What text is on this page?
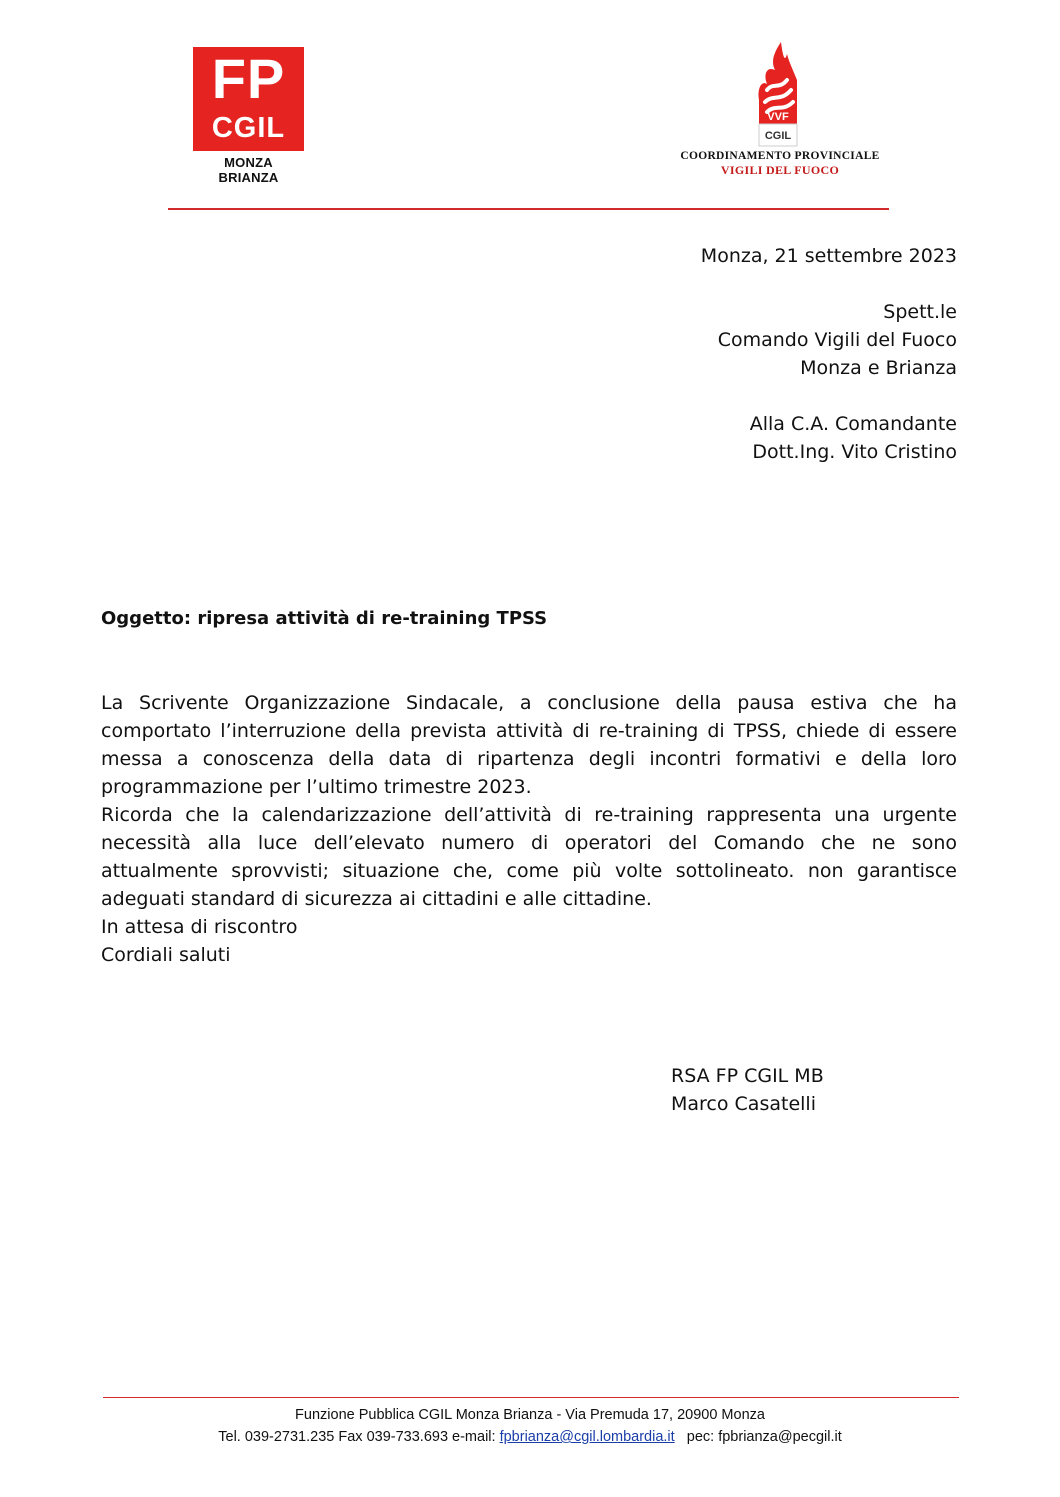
FP
CGIL
MONZA BRIANZA
VVF
CGIL
COORDINAMENTO PROVINCIALE
VIGILI DEL FUOCO
Monza, 21 settembre 2023
Spett.le
Comando Vigili del Fuoco
Monza e Brianza
Alla C.A. Comandante
Dott.Ing. Vito Cristino
Oggetto: ripresa attività di re-training TPSS

La Scrivente Organizzazione Sindacale, a conclusione della pausa estiva che ha comportato l’interruzione della prevista attività di re-training di TPSS, chiede di essere messa a conoscenza della data di ripartenza degli incontri formativi e della loro programmazione per l’ultimo trimestre 2023.

Ricorda che la calendarizzazione dell’attività di re-training rappresenta una urgente necessità alla luce dell’elevato numero di operatori del Comando che ne sono attualmente sprovvisti; situazione che, come più volte sottolineato. non garantisce adeguati standard di sicurezza ai cittadini e alle cittadine.

In attesa di riscontro

Cordiali saluti

RSA FP CGIL MB
Marco Casatelli
Funzione Pubblica CGIL Monza Brianza - Via Premuda 17, 20900 Monza
Tel. 039-2731.235 Fax 039-733.693 e-mail: fpbrianza@cgil.lombardia.it   pec: fpbrianza@pecgil.it
